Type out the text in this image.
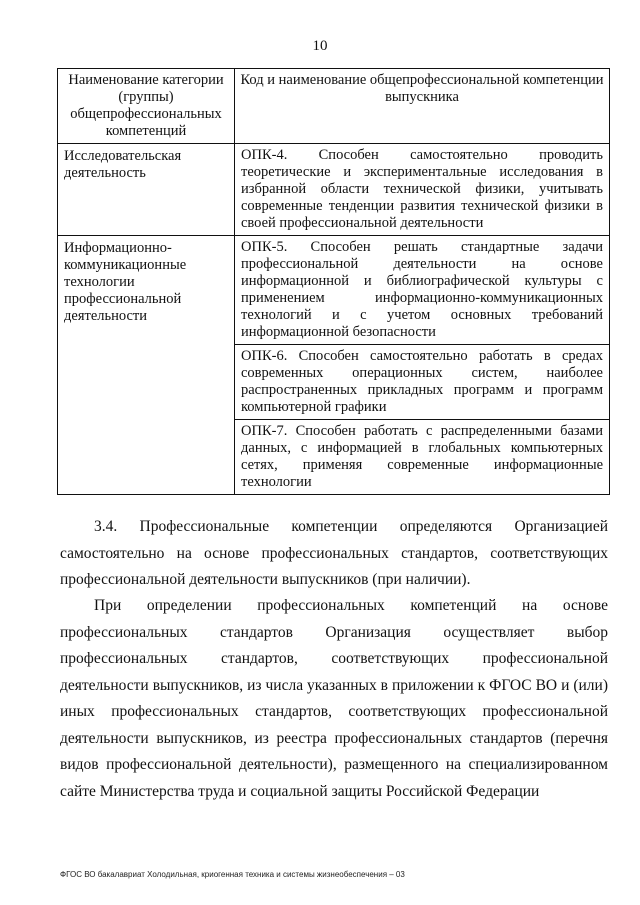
10
Наименование категории (группы) общепрофессиональных компетенций	Код и наименование общепрофессиональной компетенции выпускника
Исследовательская деятельность	ОПК-4. Способен самостоятельно проводить теоретические и экспериментальные исследования в избранной области технической физики, учитывать современные тенденции развития технической физики в своей профессиональной деятельности
Информационно-коммуникационные технологии профессиональной деятельности	ОПК-5. Способен решать стандартные задачи профессиональной деятельности на основе информационной и библиографической культуры с применением информационно-коммуникационных технологий и с учетом основных требований информационной безопасности
	ОПК-6. Способен самостоятельно работать в средах современных операционных систем, наиболее распространенных прикладных программ и программ компьютерной графики
	ОПК-7. Способен работать с распределенными базами данных, с информацией в глобальных компьютерных сетях, применяя современные информационные технологии

3.4. Профессиональные компетенции определяются Организацией самостоятельно на основе профессиональных стандартов, соответствующих профессиональной деятельности выпускников (при наличии).

При определении профессиональных компетенций на основе профессиональных стандартов Организация осуществляет выбор профессиональных стандартов, соответствующих профессиональной деятельности выпускников, из числа указанных в приложении к ФГОС ВО и (или) иных профессиональных стандартов, соответствующих профессиональной деятельности выпускников, из реестра профессиональных стандартов (перечня видов профессиональной деятельности), размещенного на специализированном сайте Министерства труда и социальной защиты Российской Федерации

ФГОС ВО бакалавриат Холодильная, криогенная техника и системы жизнеобеспечения – 03
